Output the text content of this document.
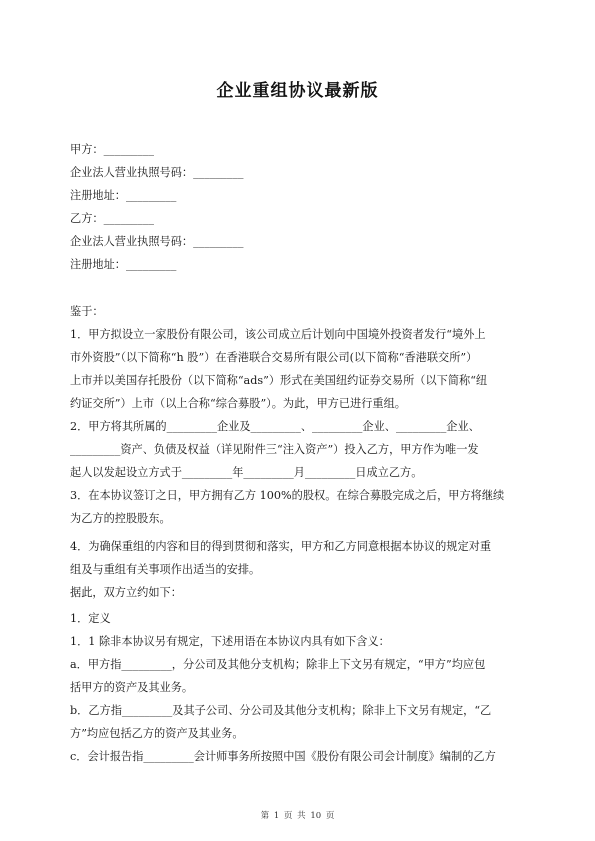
企业重组协议最新版
甲方：_________
企业法人营业执照号码：_________
注册地址：_________
乙方：_________
企业法人营业执照号码：_________
注册地址：_________
鉴于：
1．甲方拟设立一家股份有限公司，该公司成立后计划向中国境外投资者发行“境外上
市外资股”（以下简称“h 股”）在香港联合交易所有限公司(以下简称“香港联交所”）
上市并以美国存托股份（以下简称“ads”）形式在美国纽约证券交易所（以下简称“纽
约证交所”）上市（以上合称“综合募股”）。为此，甲方已进行重组。
2．甲方将其所属的_________企业及_________、_________企业、_________企业、
_________资产、负债及权益（详见附件三“注入资产”）投入乙方，甲方作为唯一发
起人以发起设立方式于_________年_________月_________日成立乙方。
3．在本协议签订之日，甲方拥有乙方 100%的股权。在综合募股完成之后，甲方将继续
为乙方的控股股东。
4．为确保重组的内容和目的得到贯彻和落实，甲方和乙方同意根据本协议的规定对重
组及与重组有关事项作出适当的安排。
据此，双方立约如下：
1．定义
1．1 除非本协议另有规定，下述用语在本协议内具有如下含义：
a．甲方指_________，分公司及其他分支机构；除非上下文另有规定，“甲方”均应包
括甲方的资产及其业务。
b．乙方指_________及其子公司、分公司及其他分支机构；除非上下文另有规定，“乙
方”均应包括乙方的资产及其业务。
c．会计报告指_________会计师事务所按照中国《股份有限公司会计制度》编制的乙方
第 1 页 共 10 页
